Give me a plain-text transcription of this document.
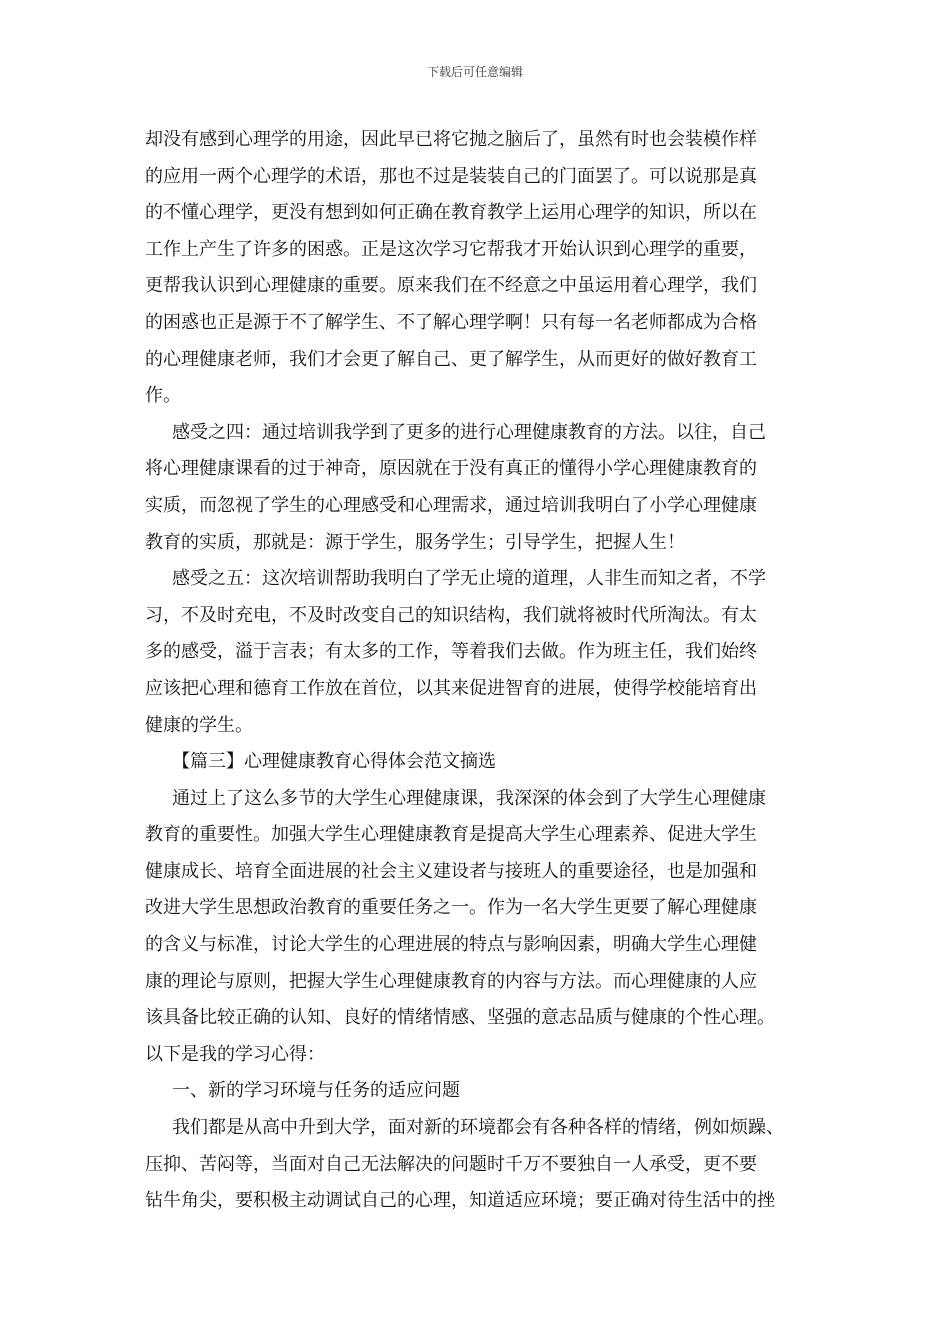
下载后可任意编辑
却没有感到心理学的用途，因此早已将它抛之脑后了，虽然有时也会装模作样
的应用一两个心理学的术语，那也不过是装装自己的门面罢了。可以说那是真
的不懂心理学，更没有想到如何正确在教育教学上运用心理学的知识，所以在
工作上产生了许多的困惑。正是这次学习它帮我才开始认识到心理学的重要，
更帮我认识到心理健康的重要。原来我们在不经意之中虽运用着心理学，我们
的困惑也正是源于不了解学生、不了解心理学啊！只有每一名老师都成为合格
的心理健康老师，我们才会更了解自己、更了解学生，从而更好的做好教育工
作。
感受之四：通过培训我学到了更多的进行心理健康教育的方法。以往，自己
将心理健康课看的过于神奇，原因就在于没有真正的懂得小学心理健康教育的
实质，而忽视了学生的心理感受和心理需求，通过培训我明白了小学心理健康
教育的实质，那就是：源于学生，服务学生；引导学生，把握人生！
感受之五：这次培训帮助我明白了学无止境的道理，人非生而知之者，不学
习，不及时充电，不及时改变自己的知识结构，我们就将被时代所淘汰。有太
多的感受，溢于言表；有太多的工作，等着我们去做。作为班主任，我们始终
应该把心理和德育工作放在首位，以其来促进智育的进展，使得学校能培育出
健康的学生。
【篇三】心理健康教育心得体会范文摘选
通过上了这么多节的大学生心理健康课，我深深的体会到了大学生心理健康
教育的重要性。加强大学生心理健康教育是提高大学生心理素养、促进大学生
健康成长、培育全面进展的社会主义建设者与接班人的重要途径，也是加强和
改进大学生思想政治教育的重要任务之一。作为一名大学生更要了解心理健康
的含义与标准，讨论大学生的心理进展的特点与影响因素，明确大学生心理健
康的理论与原则，把握大学生心理健康教育的内容与方法。而心理健康的人应
该具备比较正确的认知、良好的情绪情感、坚强的意志品质与健康的个性心理。
以下是我的学习心得：
一、新的学习环境与任务的适应问题
我们都是从高中升到大学，面对新的环境都会有各种各样的情绪，例如烦躁、
压抑、苦闷等，当面对自己无法解决的问题时千万不要独自一人承受，更不要
钻牛角尖，要积极主动调试自己的心理，知道适应环境；要正确对待生活中的挫
